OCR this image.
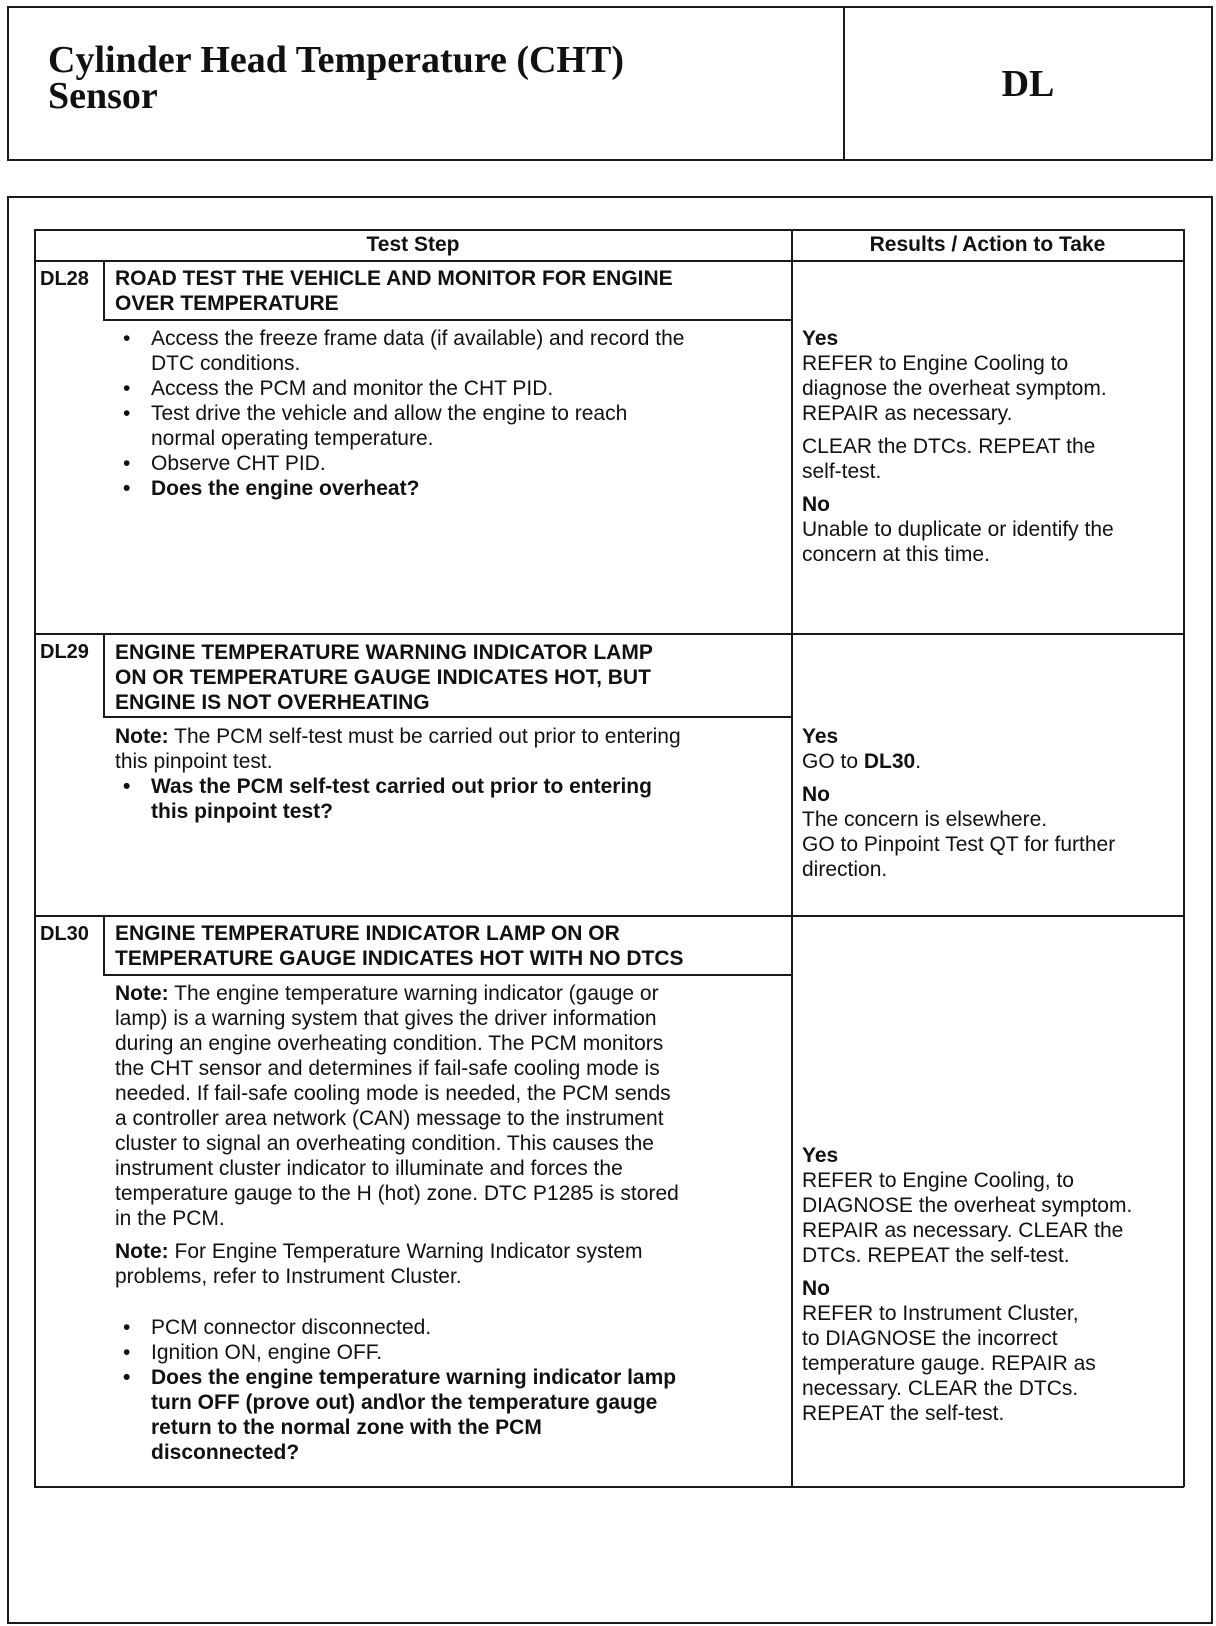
Cylinder Head Temperature (CHT)
Sensor	DL
Test Step	Results / Action to Take
DL28 ROAD TEST THE VEHICLE AND MONITOR FOR ENGINE
OVER TEMPERATURE
• Access the freeze frame data (if available) and record the
DTC conditions.
• Access the PCM and monitor the CHT PID.
• Test drive the vehicle and allow the engine to reach
normal operating temperature.
• Observe CHT PID.
• Does the engine overheat?
Yes
REFER to Engine Cooling to
diagnose the overheat symptom.
REPAIR as necessary.
CLEAR the DTCs. REPEAT the
self-test.
No
Unable to duplicate or identify the
concern at this time.
DL29 ENGINE TEMPERATURE WARNING INDICATOR LAMP
ON OR TEMPERATURE GAUGE INDICATES HOT, BUT
ENGINE IS NOT OVERHEATING
Note: The PCM self-test must be carried out prior to entering
this pinpoint test.
• Was the PCM self-test carried out prior to entering
this pinpoint test?
Yes
GO to DL30.
No
The concern is elsewhere.
GO to Pinpoint Test QT for further
direction.
DL30 ENGINE TEMPERATURE INDICATOR LAMP ON OR
TEMPERATURE GAUGE INDICATES HOT WITH NO DTCS
Note: The engine temperature warning indicator (gauge or
lamp) is a warning system that gives the driver information
during an engine overheating condition. The PCM monitors
the CHT sensor and determines if fail-safe cooling mode is
needed. If fail-safe cooling mode is needed, the PCM sends
a controller area network (CAN) message to the instrument
cluster to signal an overheating condition. This causes the
instrument cluster indicator to illuminate and forces the
temperature gauge to the H (hot) zone. DTC P1285 is stored
in the PCM.
Note: For Engine Temperature Warning Indicator system
problems, refer to Instrument Cluster.
• PCM connector disconnected.
• Ignition ON, engine OFF.
• Does the engine temperature warning indicator lamp
turn OFF (prove out) and\or the temperature gauge
return to the normal zone with the PCM
disconnected?
Yes
REFER to Engine Cooling, to
DIAGNOSE the overheat symptom.
REPAIR as necessary. CLEAR the
DTCs. REPEAT the self-test.
No
REFER to Instrument Cluster,
to DIAGNOSE the incorrect
temperature gauge. REPAIR as
necessary. CLEAR the DTCs.
REPEAT the self-test.
